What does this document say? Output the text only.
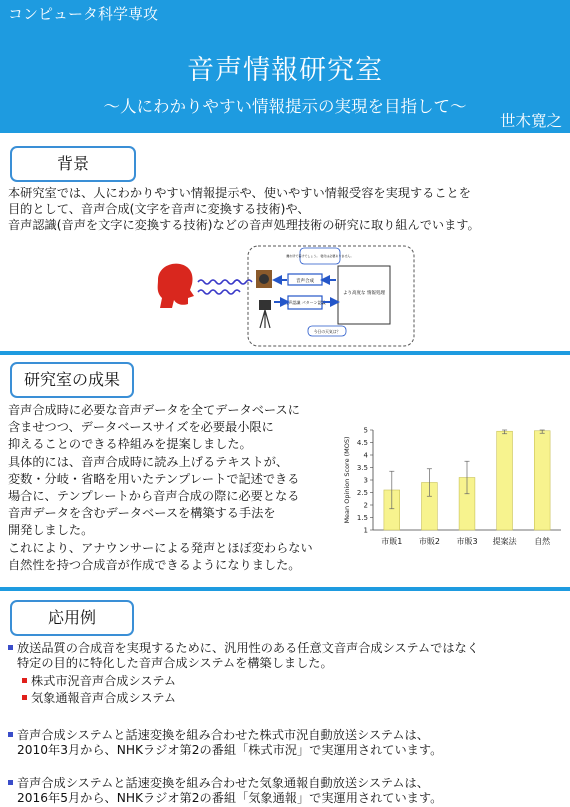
コンピュータ科学専攻
音声情報研究室
～人にわかりやすい情報提示の実現を目指して～
世木寛之
背景
本研究室では、人にわかりやすい情報提示や、使いやすい情報受容を実現することを
目的として、音声合成(文字を音声に変換する技術)や、
音声認識(音声を文字に変換する技術)などの音声処理技術の研究に取り組んでいます。
音声合成
音声認識 パターン認識
より高度な 情報処理
離れ所で着けでしょう。 寝付は必要ありません。
今日の天気は？
研究室の成果
音声合成時に必要な音声データを全てデータベースに
含ませつつ、データベースサイズを必要最小限に
抑えることのできる枠組みを提案しました。
具体的には、音声合成時に読み上げるテキストが、
変数・分岐・省略を用いたテンプレートで記述できる
場合に、テンプレートから音声合成の際に必要となる
音声データを含むデータベースを構築する手法を
開発しました。
これにより、アナウンサーによる発声とほぼ変わらない
自然性を持つ合成音が作成できるようになりました。
1
1.5
2
2.5
3
3.5
4
4.5
5
Mean Opinion Score (MOS)
市販1 市販2 市販3 提案法 自然
応用例
放送品質の合成音を実現するために、汎用性のある任意文音声合成システムではなく
特定の目的に特化した音声合成システムを構築しました。
株式市況音声合成システム
気象通報音声合成システム
音声合成システムと話速変換を組み合わせた株式市況自動放送システムは、
2010年3月から、NHKラジオ第2の番組「株式市況」で実運用されています。
音声合成システムと話速変換を組み合わせた気象通報自動放送システムは、
2016年5月から、NHKラジオ第2の番組「気象通報」で実運用されています。
